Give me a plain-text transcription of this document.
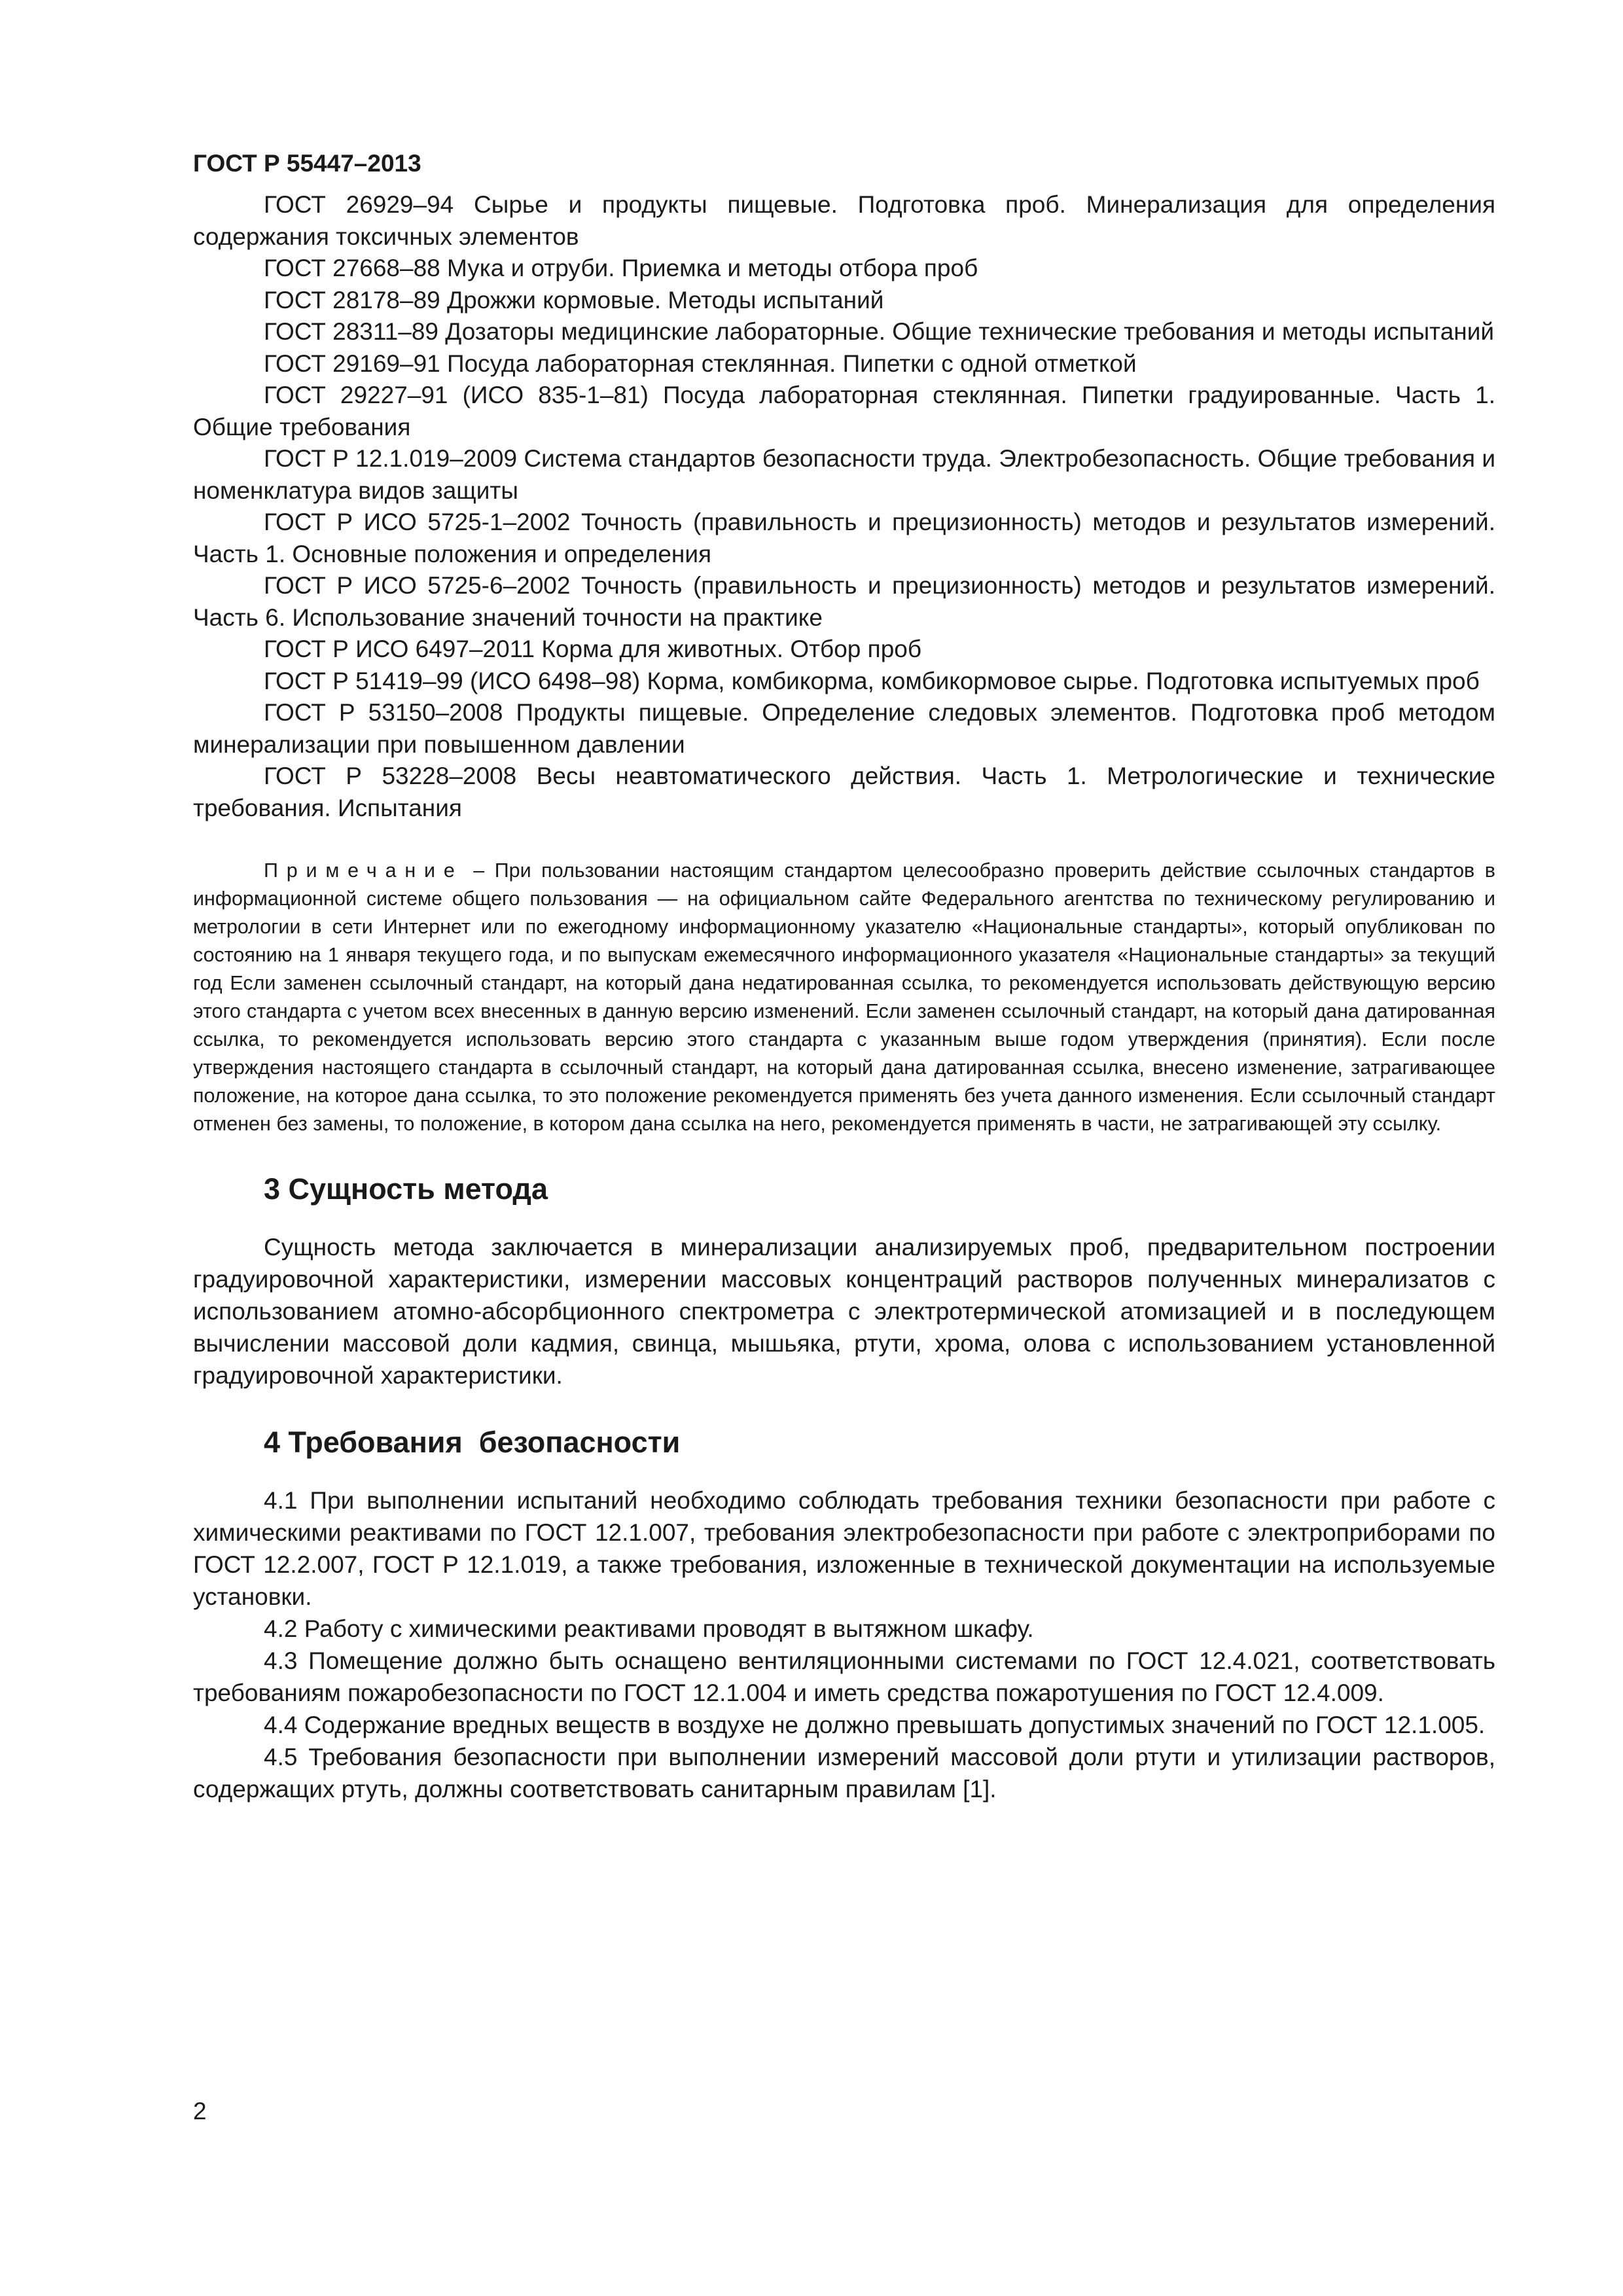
ГОСТ Р 55447–2013

ГОСТ 26929–94 Сырье и продукты пищевые. Подготовка проб. Минерализация для определения содержания токсичных элементов

ГОСТ 27668–88 Мука и отруби. Приемка и методы отбора проб

ГОСТ 28178–89 Дрожжи кормовые. Методы испытаний

ГОСТ 28311–89 Дозаторы медицинские лабораторные. Общие технические требования и методы испытаний

ГОСТ 29169–91 Посуда лабораторная стеклянная. Пипетки с одной отметкой

ГОСТ 29227–91 (ИСО 835-1–81) Посуда лабораторная стеклянная. Пипетки градуированные. Часть 1. Общие требования

ГОСТ Р 12.1.019–2009 Система стандартов безопасности труда. Электробезопасность. Общие требования и номенклатура видов защиты

ГОСТ Р ИСО 5725-1–2002 Точность (правильность и прецизионность) методов и результатов измерений. Часть 1. Основные положения и определения

ГОСТ Р ИСО 5725-6–2002 Точность (правильность и прецизионность) методов и результатов измерений. Часть 6. Использование значений точности на практике

ГОСТ Р ИСО 6497–2011 Корма для животных. Отбор проб

ГОСТ Р 51419–99 (ИСО 6498–98) Корма, комбикорма, комбикормовое сырье. Подготовка испытуемых проб

ГОСТ Р 53150–2008 Продукты пищевые. Определение следовых элементов. Подготовка проб методом минерализации при повышенном давлении

ГОСТ Р 53228–2008 Весы неавтоматического действия. Часть 1. Метрологические и технические требования. Испытания

Примечание – При пользовании настоящим стандартом целесообразно проверить действие ссылочных стандартов в информационной системе общего пользования — на официальном сайте Федерального агентства по техническому регулированию и метрологии в сети Интернет или по ежегодному информационному указателю «Национальные стандарты», который опубликован по состоянию на 1 января текущего года, и по выпускам ежемесячного информационного указателя «Национальные стандарты» за текущий год Если заменен ссылочный стандарт, на который дана недатированная ссылка, то рекомендуется использовать действующую версию этого стандарта с учетом всех внесенных в данную версию изменений. Если заменен ссылочный стандарт, на который дана датированная ссылка, то рекомендуется использовать версию этого стандарта с указанным выше годом утверждения (принятия). Если после утверждения настоящего стандарта в ссылочный стандарт, на который дана датированная ссылка, внесено изменение, затрагивающее положение, на которое дана ссылка, то это положение рекомендуется применять без учета данного изменения. Если ссылочный стандарт отменен без замены, то положение, в котором дана ссылка на него, рекомендуется применять в части, не затрагивающей эту ссылку.

3 Сущность метода

Сущность метода заключается в минерализации анализируемых проб, предварительном построении градуировочной характеристики, измерении массовых концентраций растворов полученных минерализатов с использованием атомно-абсорбционного спектрометра с электротермической атомизацией и в последующем вычислении массовой доли кадмия, свинца, мышьяка, ртути, хрома, олова с использованием установленной градуировочной характеристики.

4 Требования  безопасности

4.1 При выполнении испытаний необходимо соблюдать требования техники безопасности при работе с химическими реактивами по ГОСТ 12.1.007, требования электробезопасности при работе с электроприборами по ГОСТ 12.2.007, ГОСТ Р 12.1.019, а также требования, изложенные в технической документации на используемые установки.

4.2 Работу с химическими реактивами проводят в вытяжном шкафу.

4.3 Помещение должно быть оснащено вентиляционными системами по ГОСТ 12.4.021, соответствовать требованиям пожаробезопасности по ГОСТ 12.1.004 и иметь средства пожаротушения по ГОСТ 12.4.009.

4.4 Содержание вредных веществ в воздухе не должно превышать допустимых значений по ГОСТ 12.1.005.

4.5 Требования безопасности при выполнении измерений массовой доли ртути и утилизации растворов, содержащих ртуть, должны соответствовать санитарным правилам [1].

2
